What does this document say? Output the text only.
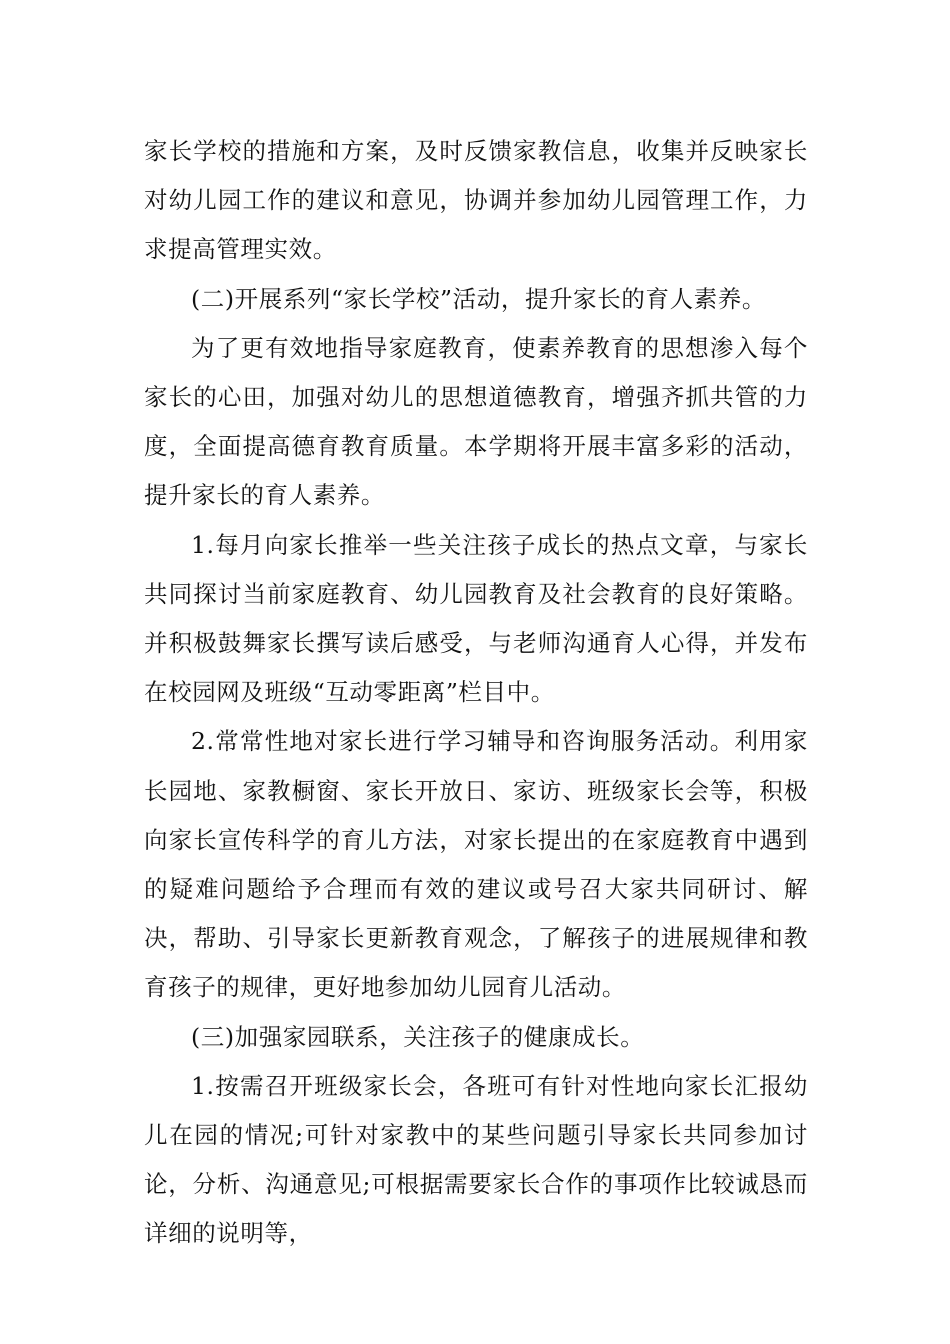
家长学校的措施和方案，及时反馈家教信息，收集并反映家长对幼儿园工作的建议和意见，协调并参加幼儿园管理工作，力求提高管理实效。

(二)开展系列“家长学校”活动，提升家长的育人素养。

为了更有效地指导家庭教育，使素养教育的思想渗入每个家长的心田，加强对幼儿的思想道德教育，增强齐抓共管的力度，全面提高德育教育质量。本学期将开展丰富多彩的活动，提升家长的育人素养。

1.每月向家长推举一些关注孩子成长的热点文章，与家长共同探讨当前家庭教育、幼儿园教育及社会教育的良好策略。并积极鼓舞家长撰写读后感受，与老师沟通育人心得，并发布在校园网及班级“互动零距离”栏目中。

2.常常性地对家长进行学习辅导和咨询服务活动。利用家长园地、家教橱窗、家长开放日、家访、班级家长会等，积极向家长宣传科学的育儿方法，对家长提出的在家庭教育中遇到的疑难问题给予合理而有效的建议或号召大家共同研讨、解决，帮助、引导家长更新教育观念，了解孩子的进展规律和教育孩子的规律，更好地参加幼儿园育儿活动。

(三)加强家园联系，关注孩子的健康成长。

1.按需召开班级家长会，各班可有针对性地向家长汇报幼儿在园的情况;可针对家教中的某些问题引导家长共同参加讨论，分析、沟通意见;可根据需要家长合作的事项作比较诚恳而详细的说明等，
